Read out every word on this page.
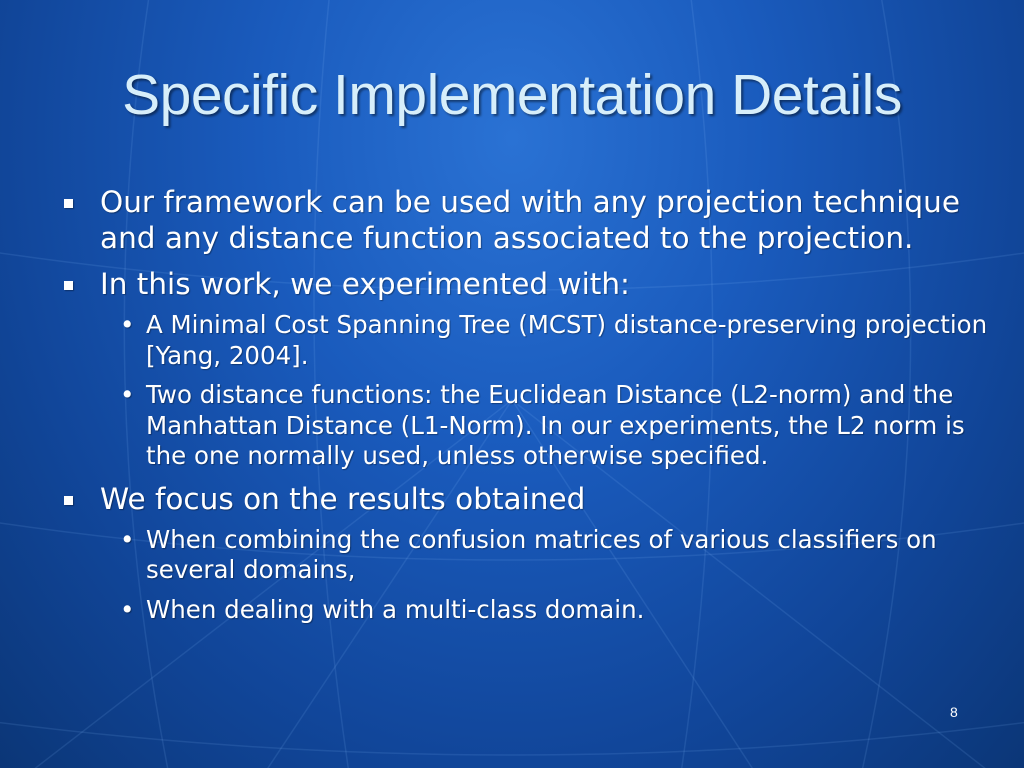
Specific Implementation Details
Our framework can be used with any projection technique and any distance function associated to the projection.
In this work, we experimented with:
• A Minimal Cost Spanning Tree (MCST) distance-preserving projection [Yang, 2004].
• Two distance functions: the Euclidean Distance (L2-norm) and the Manhattan Distance (L1-Norm). In our experiments, the L2 norm is the one normally used, unless otherwise specified.
We focus on the results obtained
• When combining the confusion matrices of various classifiers on several domains,
• When dealing with a multi-class domain.
8
